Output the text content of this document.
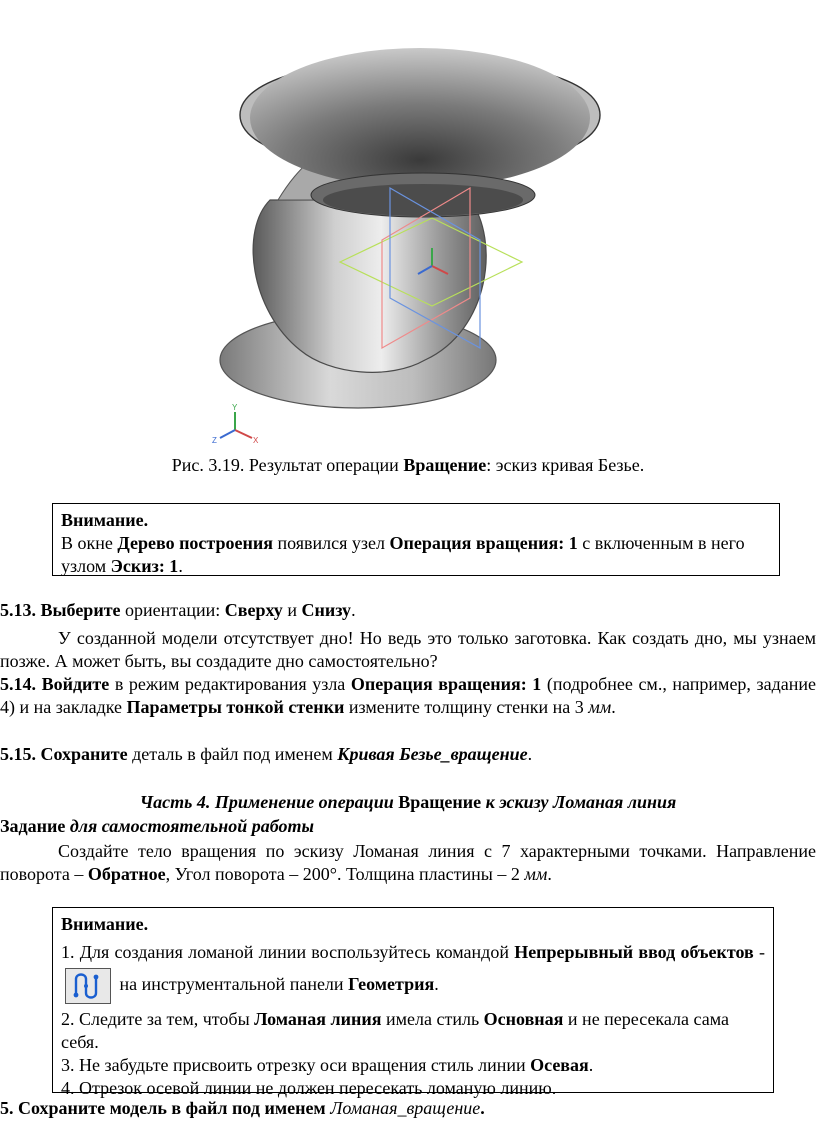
Y
X
Z
Рис. 3.19. Результат операции Вращение: эскиз кривая Безье.
Внимание.
В окне Дерево построения появился узел Операция вращения: 1 с включенным в него узлом Эскиз: 1.
5.13. Выберите ориентации: Сверху и Снизу.
У созданной модели отсутствует дно! Но ведь это только заготовка. Как создать дно, мы узнаем позже. А может быть, вы создадите дно самостоятельно?
5.14. Войдите в режим редактирования узла Операция вращения: 1 (подробнее см., например, задание 4) и на закладке Параметры тонкой стенки измените толщину стенки на 3 мм.
5.15. Сохраните деталь в файл под именем Кривая Безье_вращение.
Часть 4. Применение операции Вращение к эскизу Ломаная линия
Задание для самостоятельной работы
Создайте тело вращения по эскизу Ломаная линия с 7 характерными точками. Направление поворота – Обратное, Угол поворота – 200°. Толщина пластины – 2 мм.
Внимание.
1. Для создания ломаной линии воспользуйтесь командой Непрерывный ввод объектов -
на инструментальной панели Геометрия.
2. Следите за тем, чтобы Ломаная линия имела стиль Основная и не пересекала сама себя.
3. Не забудьте присвоить отрезку оси вращения стиль линии Осевая.
4. Отрезок осевой линии не должен пересекать ломаную линию.
5. Сохраните модель в файл под именем Ломаная_вращение.
